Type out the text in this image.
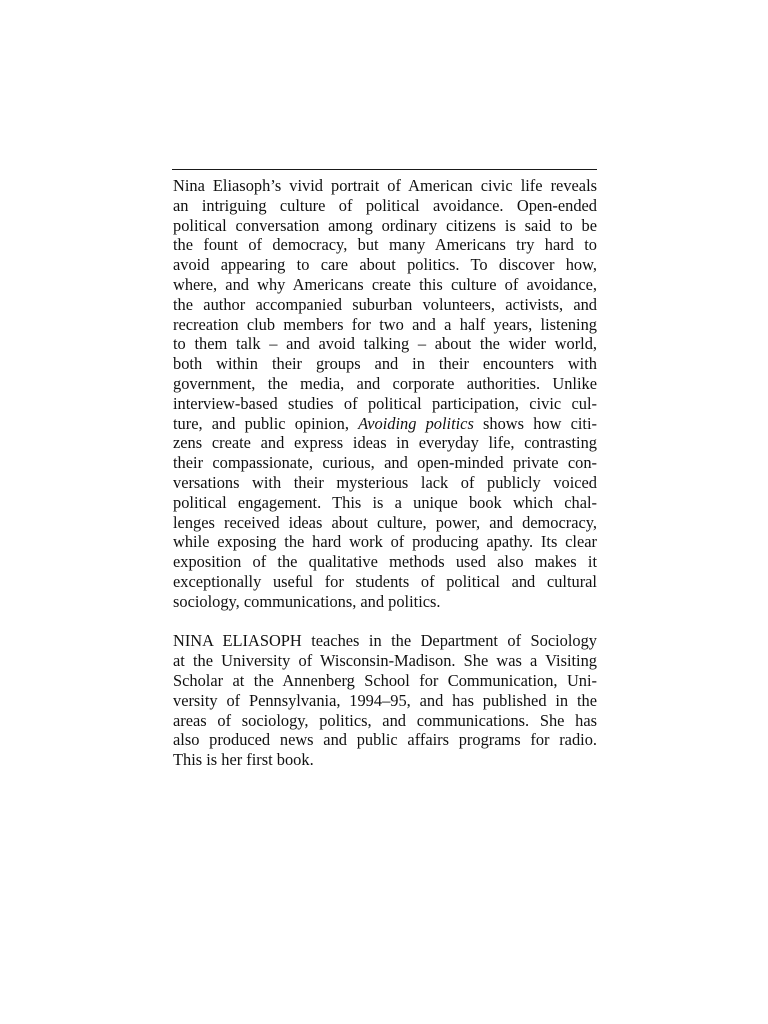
Nina Eliasoph’s vivid portrait of American civic life reveals
an intriguing culture of political avoidance. Open-ended
political conversation among ordinary citizens is said to be
the fount of democracy, but many Americans try hard to
avoid appearing to care about politics. To discover how,
where, and why Americans create this culture of avoidance,
the author accompanied suburban volunteers, activists, and
recreation club members for two and a half years, listening
to them talk – and avoid talking – about the wider world,
both within their groups and in their encounters with
government, the media, and corporate authorities. Unlike
interview-based studies of political participation, civic cul-
ture, and public opinion, Avoiding politics shows how citi-
zens create and express ideas in everyday life, contrasting
their compassionate, curious, and open-minded private con-
versations with their mysterious lack of publicly voiced
political engagement. This is a unique book which chal-
lenges received ideas about culture, power, and democracy,
while exposing the hard work of producing apathy. Its clear
exposition of the qualitative methods used also makes it
exceptionally useful for students of political and cultural
sociology, communications, and politics.
NINA ELIASOPH teaches in the Department of Sociology
at the University of Wisconsin-Madison. She was a Visiting
Scholar at the Annenberg School for Communication, Uni-
versity of Pennsylvania, 1994–95, and has published in the
areas of sociology, politics, and communications. She has
also produced news and public affairs programs for radio.
This is her first book.
